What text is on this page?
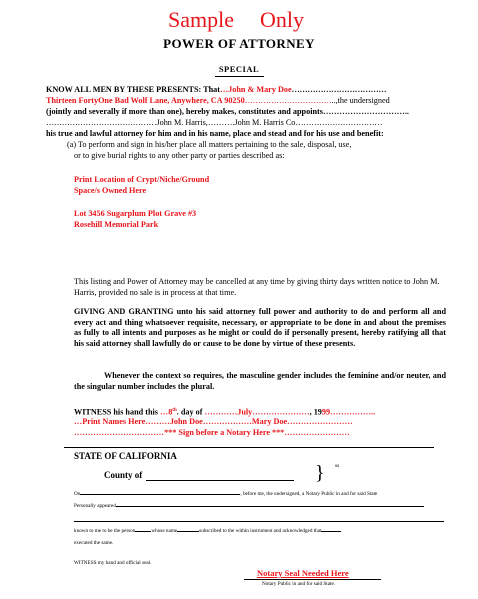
Sample Only
POWER OF ATTORNEY
SPECIAL
KNOW ALL MEN BY THESE PRESENTS: That…John & Mary Doe………………………………
Thirteen FortyOne Bad Wolf Lane, Anywhere, CA 90250……………………………..,the undersigned
(jointly and severally if more than one), hereby makes, constitutes and appoints…………………………..
……………………………………John M. Harris,……….John M. Harris Co……………………………
his true and lawful attorney for him and in his name, place and stead and for his use and benefit:
(a) To perform and sign in his/her place all matters pertaining to the sale, disposal, use,
or to give burial rights to any other party or parties described as:
Print Location of Crypt/Niche/Ground
Space/s Owned Here
Lot 3456 Sugarplum Plot Grave #3
Rosehill Memorial Park
This listing and Power of Attorney may be cancelled at any time by giving thirty days written notice to John M. Harris, provided no sale is in process at that time.
GIVING AND GRANTING unto his said attorney full power and authority to do and perform all and every act and thing whatsoever requisite, necessary, or appropriate to be done in and about the premises as fully to all intents and purposes as he might or could do if personally present, hereby ratifying all that his said attorney shall lawfully do or cause to be done by virtue of these presents.
Whenever the context so requires, the masculine gender includes the feminine and/or neuter, and the singular number includes the plural.
WITNESS his hand this …8th. day of …………July…………………, 1999……………..
…Print Names Here………John Doe………………Mary Doe……………………
……………………………*** Sign before a Notary Here ***……………………
STATE OF CALIFORNIA
County of	} ss
On	, before me, the undersigned, a Notary Public in and for said State
Personally appeared
known to me to be the person	whose name	subscribed to the within instrument and acknowledged that
executed the same.
WITNESS my hand and official seal.
Notary Seal Needed Here
Notary Public in and for said State.
